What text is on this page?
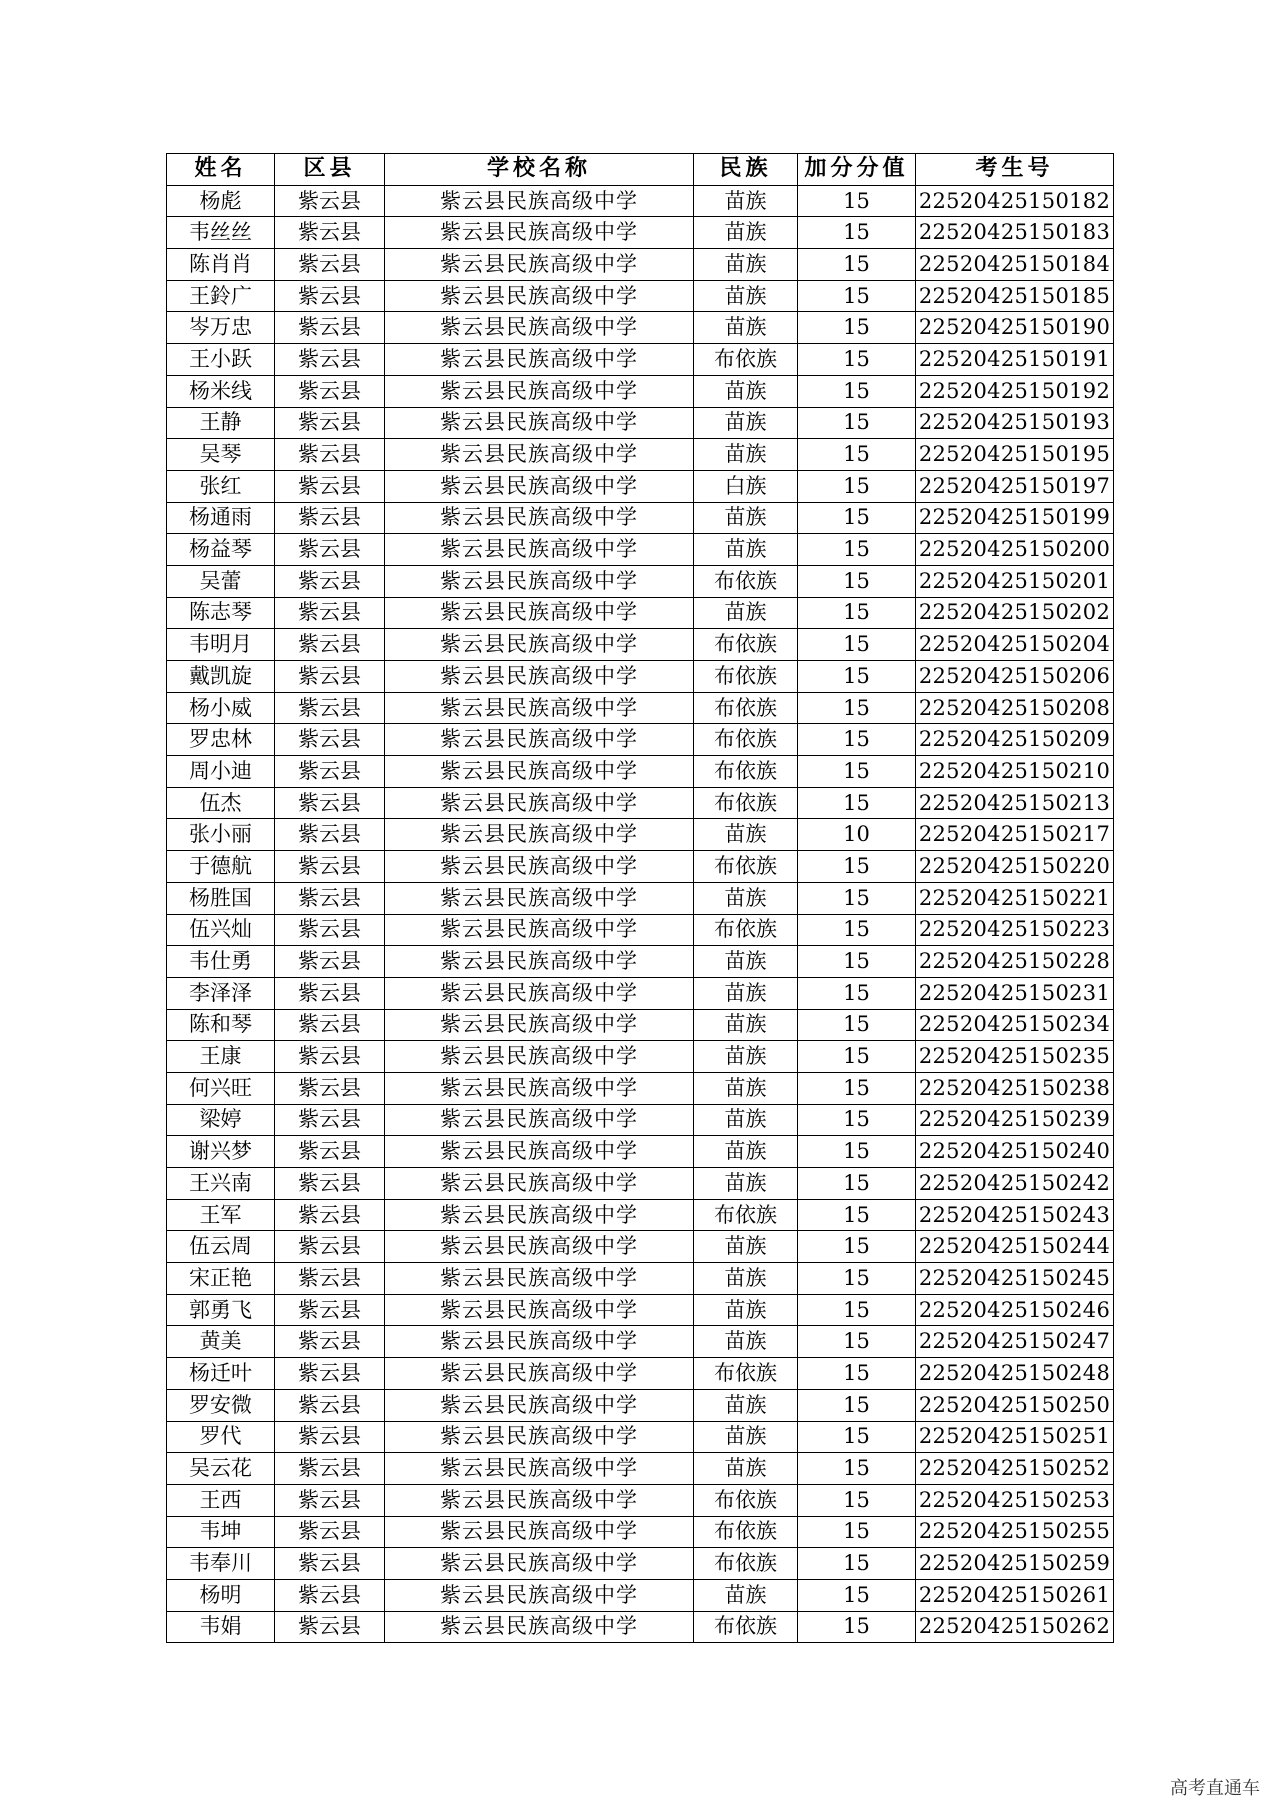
姓名	区县	学校名称	民族	加分分值	考生号
杨彪	紫云县	紫云县民族高级中学	苗族	15	22520425150182
韦丝丝	紫云县	紫云县民族高级中学	苗族	15	22520425150183
陈肖肖	紫云县	紫云县民族高级中学	苗族	15	22520425150184
王鈴广	紫云县	紫云县民族高级中学	苗族	15	22520425150185
岑万忠	紫云县	紫云县民族高级中学	苗族	15	22520425150190
王小跃	紫云县	紫云县民族高级中学	布依族	15	22520425150191
杨米线	紫云县	紫云县民族高级中学	苗族	15	22520425150192
王静	紫云县	紫云县民族高级中学	苗族	15	22520425150193
吴琴	紫云县	紫云县民族高级中学	苗族	15	22520425150195
张红	紫云县	紫云县民族高级中学	白族	15	22520425150197
杨通雨	紫云县	紫云县民族高级中学	苗族	15	22520425150199
杨益琴	紫云县	紫云县民族高级中学	苗族	15	22520425150200
吴蕾	紫云县	紫云县民族高级中学	布依族	15	22520425150201
陈志琴	紫云县	紫云县民族高级中学	苗族	15	22520425150202
韦明月	紫云县	紫云县民族高级中学	布依族	15	22520425150204
戴凯旋	紫云县	紫云县民族高级中学	布依族	15	22520425150206
杨小威	紫云县	紫云县民族高级中学	布依族	15	22520425150208
罗忠林	紫云县	紫云县民族高级中学	布依族	15	22520425150209
周小迪	紫云县	紫云县民族高级中学	布依族	15	22520425150210
伍杰	紫云县	紫云县民族高级中学	布依族	15	22520425150213
张小丽	紫云县	紫云县民族高级中学	苗族	10	22520425150217
于德航	紫云县	紫云县民族高级中学	布依族	15	22520425150220
杨胜国	紫云县	紫云县民族高级中学	苗族	15	22520425150221
伍兴灿	紫云县	紫云县民族高级中学	布依族	15	22520425150223
韦仕勇	紫云县	紫云县民族高级中学	苗族	15	22520425150228
李泽泽	紫云县	紫云县民族高级中学	苗族	15	22520425150231
陈和琴	紫云县	紫云县民族高级中学	苗族	15	22520425150234
王康	紫云县	紫云县民族高级中学	苗族	15	22520425150235
何兴旺	紫云县	紫云县民族高级中学	苗族	15	22520425150238
梁婷	紫云县	紫云县民族高级中学	苗族	15	22520425150239
谢兴梦	紫云县	紫云县民族高级中学	苗族	15	22520425150240
王兴南	紫云县	紫云县民族高级中学	苗族	15	22520425150242
王军	紫云县	紫云县民族高级中学	布依族	15	22520425150243
伍云周	紫云县	紫云县民族高级中学	苗族	15	22520425150244
宋正艳	紫云县	紫云县民族高级中学	苗族	15	22520425150245
郭勇飞	紫云县	紫云县民族高级中学	苗族	15	22520425150246
黄美	紫云县	紫云县民族高级中学	苗族	15	22520425150247
杨迁叶	紫云县	紫云县民族高级中学	布依族	15	22520425150248
罗安微	紫云县	紫云县民族高级中学	苗族	15	22520425150250
罗代	紫云县	紫云县民族高级中学	苗族	15	22520425150251
吴云花	紫云县	紫云县民族高级中学	苗族	15	22520425150252
王西	紫云县	紫云县民族高级中学	布依族	15	22520425150253
韦坤	紫云县	紫云县民族高级中学	布依族	15	22520425150255
韦奉川	紫云县	紫云县民族高级中学	布依族	15	22520425150259
杨明	紫云县	紫云县民族高级中学	苗族	15	22520425150261
韦娟	紫云县	紫云县民族高级中学	布依族	15	22520425150262
高考直通车
